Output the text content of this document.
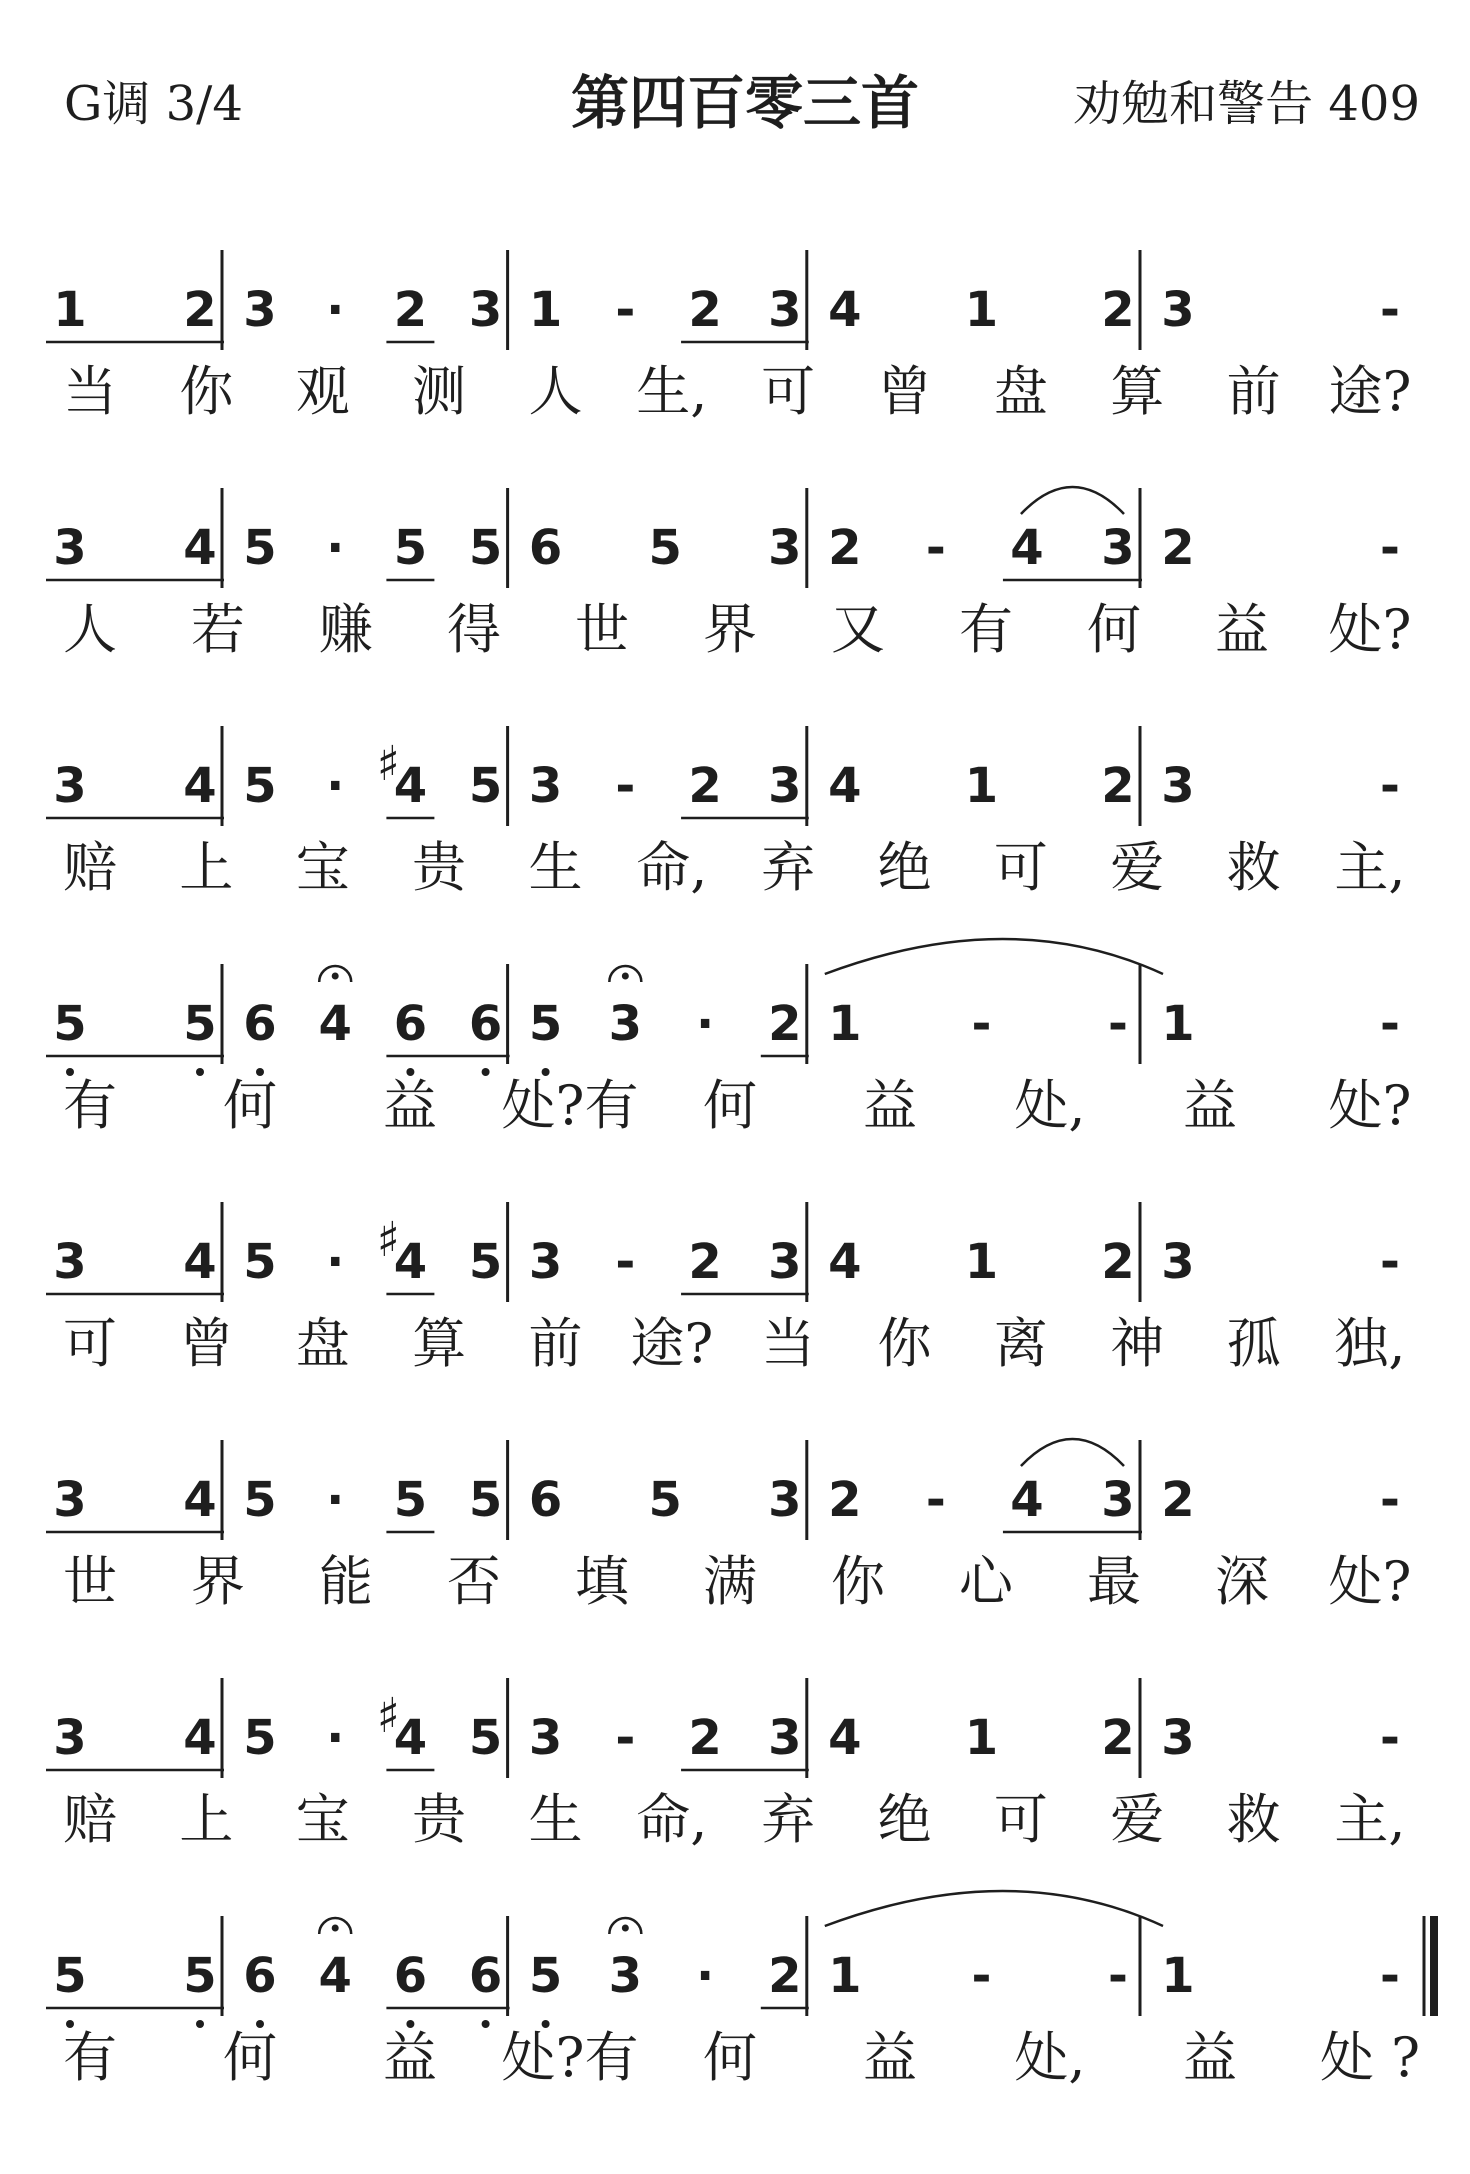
G调 3/4	第四百零三首	劝勉和警告 409
1 2 3 · 2 3 1 - 2 3 4 1 2 3	-
当 你 观 测 人 生, 可 曾 盘 算 前 途?
3 4 5 · 5 5 6 5 3 2 - 4 3 2	-
人 若 赚 得 世 界 又 有 何 益 处?
3 4 5 · 4
♯ 5 3 - 2 3 4 1 2 3	-
赔 上 宝 贵 生 命, 弃 绝 可 爱 救 主,
5 5 6 4 6 6 5 3 · 2 1 - - 1	-
有 何 益 处?有 何 益 处, 益 处?
3 4 5 · 4
♯ 5 3 - 2 3 4 1 2 3	-
可 曾 盘 算 前 途? 当 你 离 神 孤 独,
3 4 5 · 5 5 6 5 3 2 - 4 3 2	-
世 界 能 否 填 满 你 心 最 深 处?
3 4 5 · 4
♯ 5 3 - 2 3 4 1 2 3	-
赔 上 宝 贵 生 命, 弃 绝 可 爱 救 主,
5 5 6 4 6 6 5 3 · 2 1 - - 1	-
有 何 益 处?有 何 益 处, 益 处 ?
